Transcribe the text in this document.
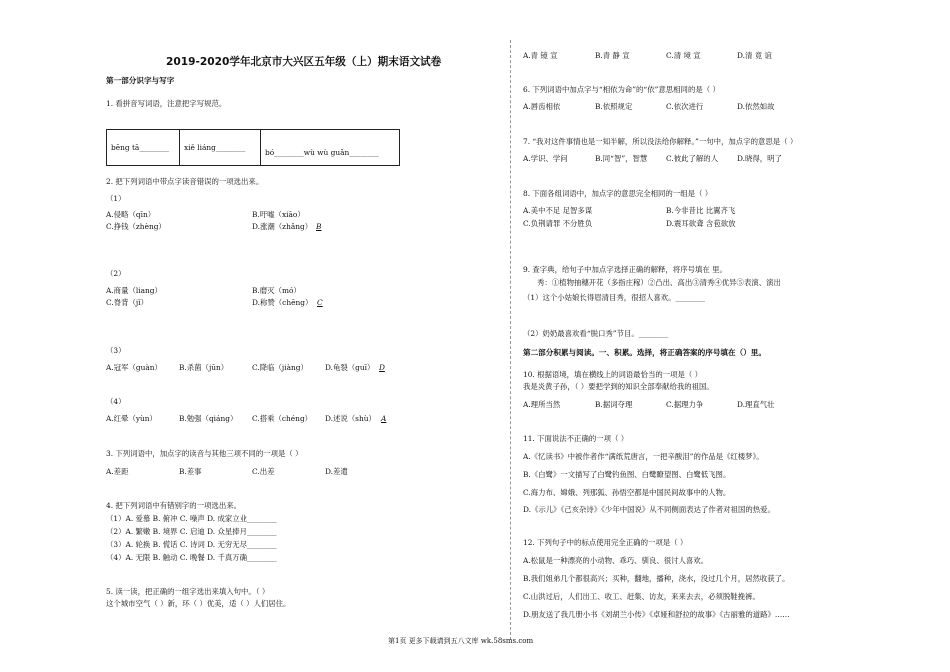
2019-2020学年北京市大兴区五年级（上）期末语文试卷
第一部分识字与写字
1. 看拼音写词语，注意把字写规范。
bēng tā________	xiě liáng________	bó________wù wù guǎn________
2. 把下列词语中带点字读音错误的一项选出来。
（1）
A.侵略（qīn）	B.吁嘘（xiāo）
C.挣钱（zhèng）	D.涨潮（zhǎng） B
（2）
A.商量（liang）	B.磨灭（mó）
C.脊背（jǐ）	D.称赞（chēng） C
（3）
A.冠军（guàn） B.杀菌（jūn）	C.降临（jiàng） D.龟裂（guī） D
（4）
A.红晕（yùn）	B.勉强（qiáng） C.搭乘（chéng） D.述说（shù） A
3. 下列词语中，加点字的读音与其他三项不同的一项是（ ）
A.差距	B.差事	C.出差	D.差遣
4. 把下列词语中有错别字的一项选出来。
（1）A. 爱慕 B. 俯冲 C. 噪声 D. 成家立业________
（2）A. 繁嫩 B. 境界 C. 启迪 D. 众星捧月________
（3）A. 轮换 B. 慌话 C. 诗词 D. 无穷无尽________
（4）A. 无限 B. 触动 C. 晚餐 D. 千真万确________
5. 读一读，把正确的一组字选出来填入句中。（ ）
这个城市空气（ ）新，环（ ）优美，适（ ）人们居住。
A.青 镜 宣	B.青 静 宣	C.清 境 宣	D.清 竟 谊
6. 下列词语中加点字与“相依为命”的“依”意思相同的是（ ）
A.唇齿相依	B.依照规定	C.依次进行	D.依然如故
7. “我对这件事情也是一知半解，所以没法给你解释。”一句中，加点字的意思是（ ）
A.学识、学问	B.同“智”，智慧	C.彼此了解的人	D.晓得，明了
8. 下面各组词语中，加点字的意思完全相同的一组是（ ）
A.美中不足 足智多谋	B.今非昔比 比翼齐飞
C.负荆请罪 不分胜负	D.震耳欲聋 含苞欲放
9. 查字典，给句子中加点字选择正确的解释，将序号填在 里。
秀：①植物抽穗开花（多指庄稼）②凸出、高出③清秀④优异⑤表演、演出
（1）这个小姑娘长得眉清目秀，很招人喜欢。________
（2）奶奶最喜欢看“脱口秀”节目。________
第二部分积累与阅读。一、积累。选择，将正确答案的序号填在（）里。
10. 根据语境，填在横线上的词语最恰当的一项是（ ）
我是炎黄子孙，（ ）要把学到的知识全部奉献给我的祖国。
A.理所当然	B.据词夺理	C.据理力争	D.理直气壮
11. 下面说法不正确的一项（ ）
A.《忆读书》中被作者作“满纸荒唐言，一把辛酸泪”的作品是《红楼梦》。
B.《白鹭》一文描写了白鹭钓鱼图、白鹭瞭望图、白鹭低飞图。
C.海力布、嫦娥、列那狐、孙悟空都是中国民间故事中的人物。
D.《示儿》《己亥杂诗》《少年中国说》从不同侧面表达了作者对祖国的热爱。
12. 下列句子中的标点使用完全正确的一项是（ ）
A.松鼠是一种漂亮的小动物、乖巧、驯良、很讨人喜欢。
B.我们姐弟几个都很高兴；买种，翻地，播种，浇水，没过几个月，居然收获了。
C.山洪过后，人们出工、收工、赶集、访友，来来去去，必须脱鞋挽裤。
D.朋友送了我几册小书《刘胡兰小传》《卓娅和舒拉的故事》《古丽雅的道路》……
第1页 更多下载请到五八文库 wk.58sms.com
